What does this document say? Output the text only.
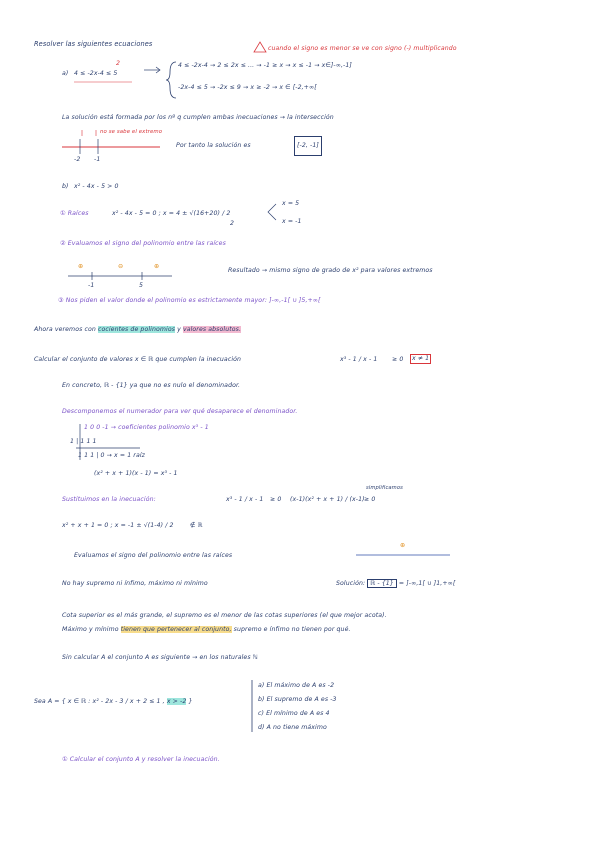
Resolver las siguientes ecuaciones
cuando el signo es menor se ve con signo (-) multiplicando
a) 4 ≤ -2x-4 ≤ 5
2	4 ≤ -2x-4 → 2 ≤ 2x ≤ ... → -1 ≥ x → x ≤ -1 → x∈]-∞,-1]
-2x-4 ≤ 5 → -2x ≤ 9 → x ≥ -2 → x ∈ [-2,+∞[
La solución está formada por los nº q cumplen ambas inecuaciones → la intersección
no se sabe el extremo
-2 -1
Por tanto la solución es	[-2, -1]
b) x² - 4x - 5 > 0
① Raíces	x² - 4x - 5 = 0 ; x = 4 ± √(16+20) / 2
2
x = 5
x = -1
② Evaluamos el signo del polinomio entre las raíces
⊕	⊖	⊕
-1	5
Resultado → mismo signo de grado de x² para valores extremos
③ Nos piden el valor donde el polinomio es estrictamente mayor: ]-∞,-1[ ∪ ]5,+∞[
Ahora veremos con cocientes de polinomios y valores absolutos.
Calcular el conjunto de valores x ∈ ℝ que cumplen la inecuación	x³ - 1 / x - 1 ≥ 0	x ≠ 1
En concreto, ℝ - {1} ya que no es nulo el denominador.
Descomponemos el numerador para ver qué desaparece el denominador.
1 0 0 -1 → coeficientes polinomio x³ - 1
1 | 1 1 1
1 1 1 | 0 → x = 1 raíz
(x² + x + 1)(x - 1) = x³ - 1
Sustituimos en la inecuación:	x³ - 1 / x - 1 ≥ 0 (x-1)(x² + x + 1) / (x-1) ≥ 0
simplificamos
x² + x + 1 = 0 ; x = -1 ± √(1-4) / 2	∉ ℝ
Evaluamos el signo del polinomio entre las raíces
⊕
No hay supremo ni ínfimo, máximo ni mínimo	Solución: ℝ - {1} = ]-∞,1[ ∪ ]1,+∞[
Cota superior es el más grande, el supremo es el menor de las cotas superiores (el que mejor acota).
Máximo y mínimo tienen que pertenecer al conjunto, supremo e ínfimo no tienen por qué.
Sin calcular A el conjunto A es siguiente → en los naturales ℕ
Sea A = { x ∈ ℝ : x² - 2x - 3 / x + 2 ≤ 1 , x > -2 }
a) El máximo de A es -2
b) El supremo de A es -3
c) El mínimo de A es 4
d) A no tiene máximo
① Calcular el conjunto A y resolver la inecuación.
